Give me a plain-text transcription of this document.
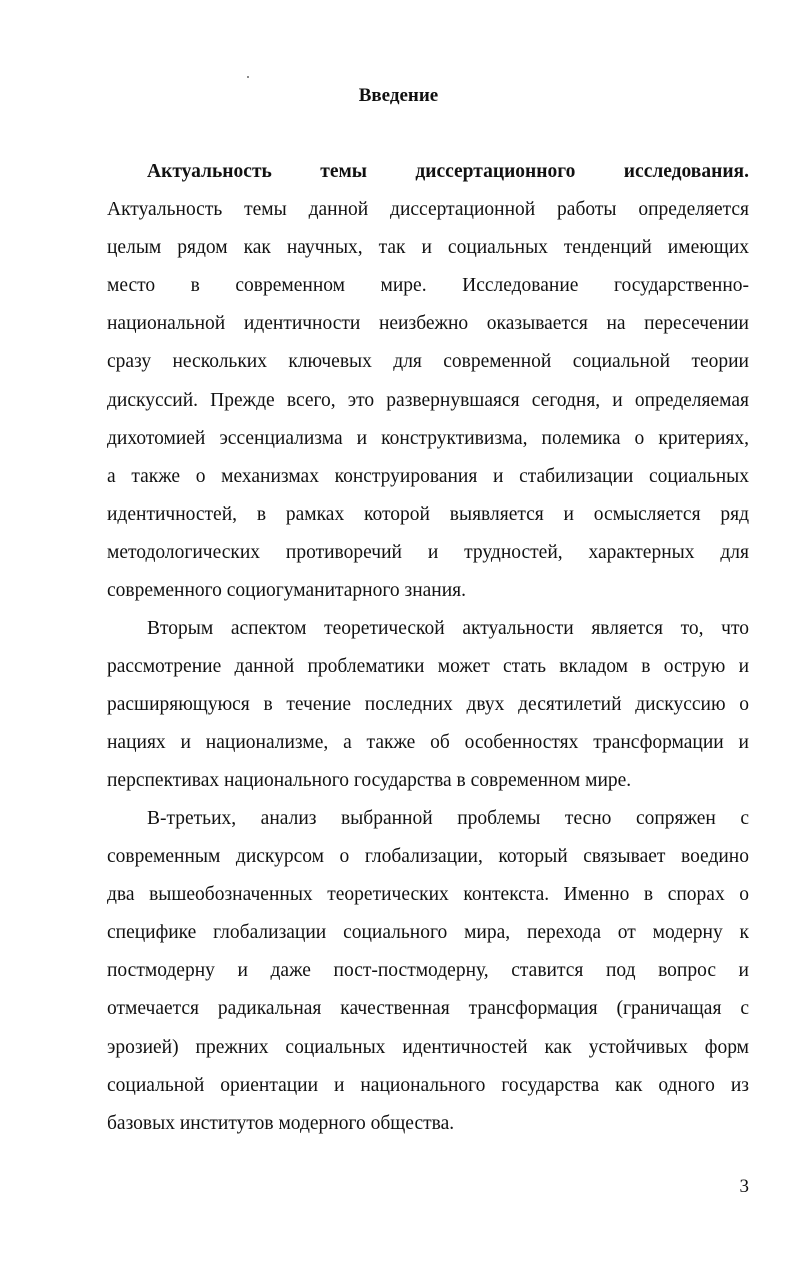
Введение
Актуальность темы диссертационного исследования.
Актуальность темы данной диссертационной работы определяется
целым рядом как научных, так и социальных тенденций имеющих
место в современном мире. Исследование государственно-
национальной идентичности неизбежно оказывается на пересечении
сразу нескольких ключевых для современной социальной теории
дискуссий. Прежде всего, это развернувшаяся сегодня, и определяемая
дихотомией эссенциализма и конструктивизма, полемика о критериях,
а также о механизмах конструирования и стабилизации социальных
идентичностей, в рамках которой выявляется и осмысляется ряд
методологических противоречий и трудностей, характерных для
современного социогуманитарного знания.
Вторым аспектом теоретической актуальности является то, что
рассмотрение данной проблематики может стать вкладом в острую и
расширяющуюся в течение последних двух десятилетий дискуссию о
нациях и национализме, а также об особенностях трансформации и
перспективах национального государства в современном мире.
В-третьих, анализ выбранной проблемы тесно сопряжен с
современным дискурсом о глобализации, который связывает воедино
два вышеобозначенных теоретических контекста. Именно в спорах о
специфике глобализации социального мира, перехода от модерну к
постмодерну и даже пост-постмодерну, ставится под вопрос и
отмечается радикальная качественная трансформация (граничащая с
эрозией) прежних социальных идентичностей как устойчивых форм
социальной ориентации и национального государства как одного из
базовых институтов модерного общества.
3
